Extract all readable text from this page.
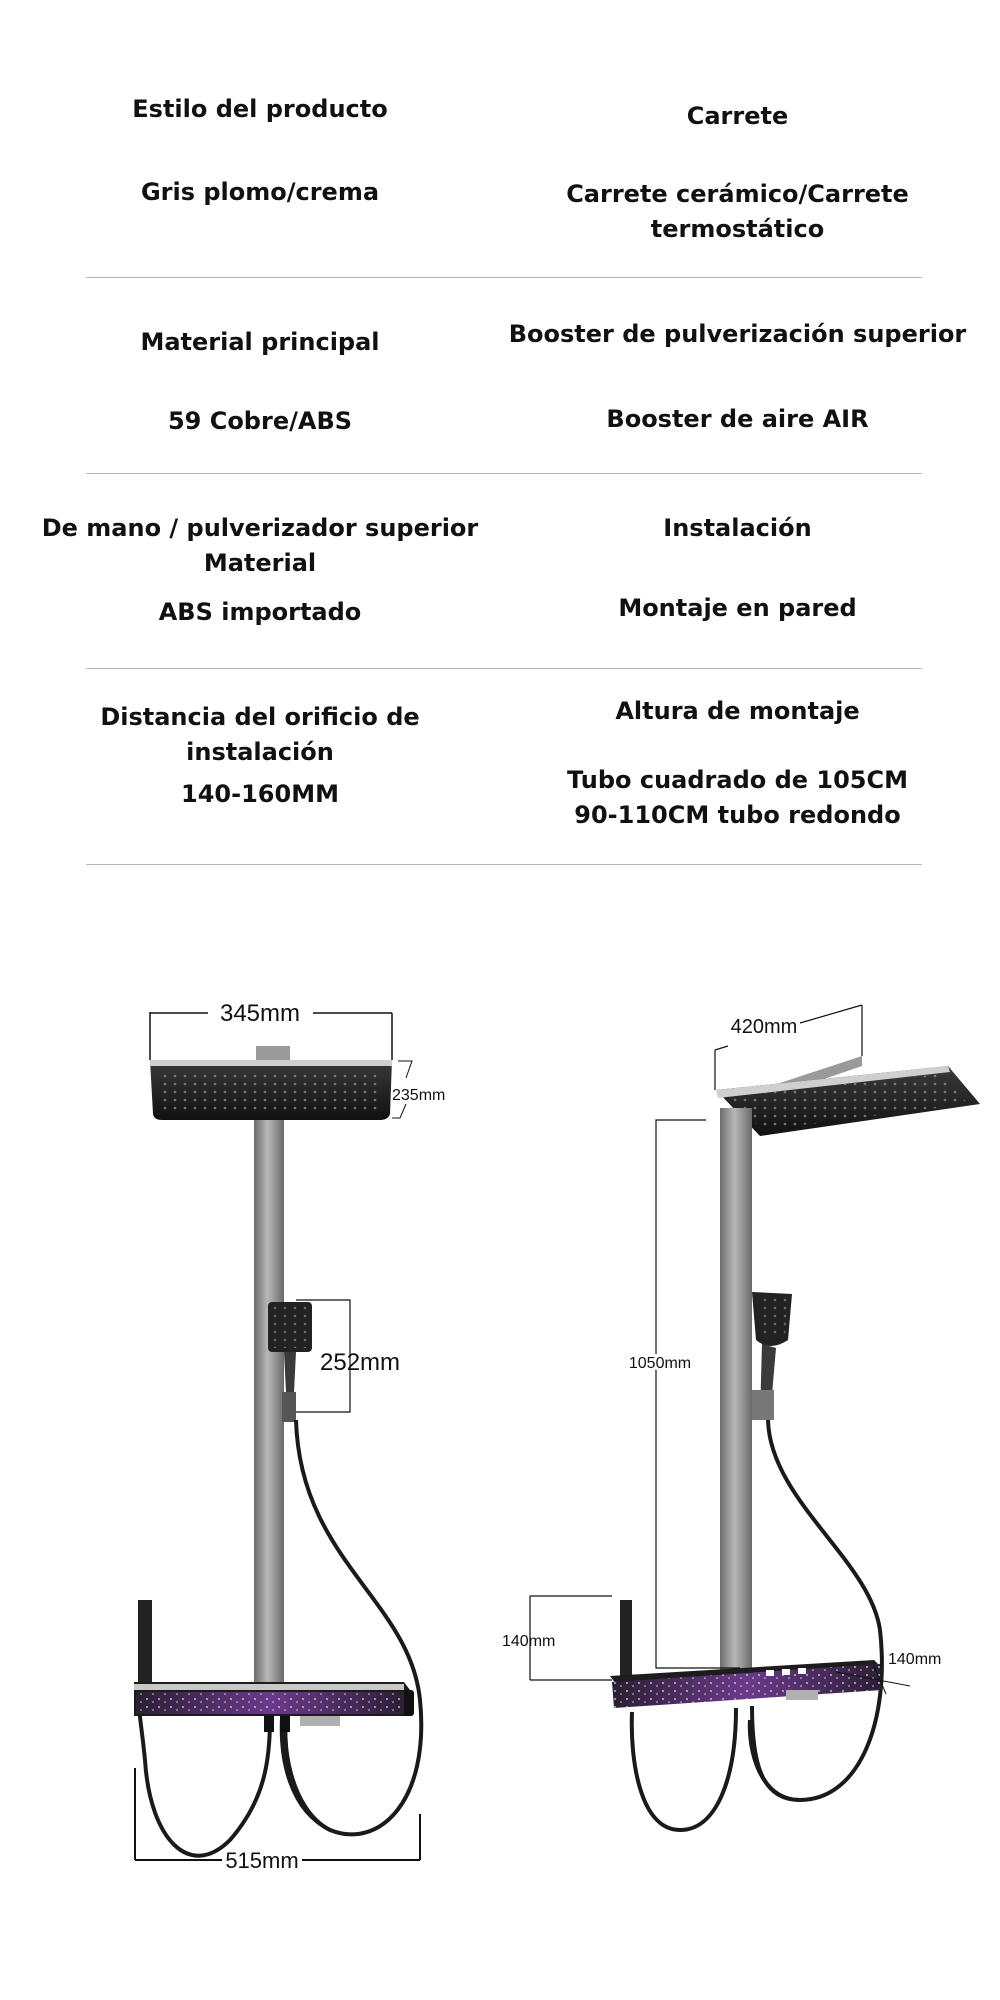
Estilo del producto
Gris plomo/crema
Carrete
Carrete cerámico/Carrete termostático
Material principal
59 Cobre/ABS
Booster de pulverización superior
Booster de aire AIR
De mano / pulverizador superior Material
ABS importado
Instalación
Montaje en pared
Distancia del orificio de instalación
140-160MM
Altura de montaje
Tubo cuadrado de 105CM
90-110CM tubo redondo
345mm
235mm
252mm
515mm
420mm
1050mm
140mm
140mm
